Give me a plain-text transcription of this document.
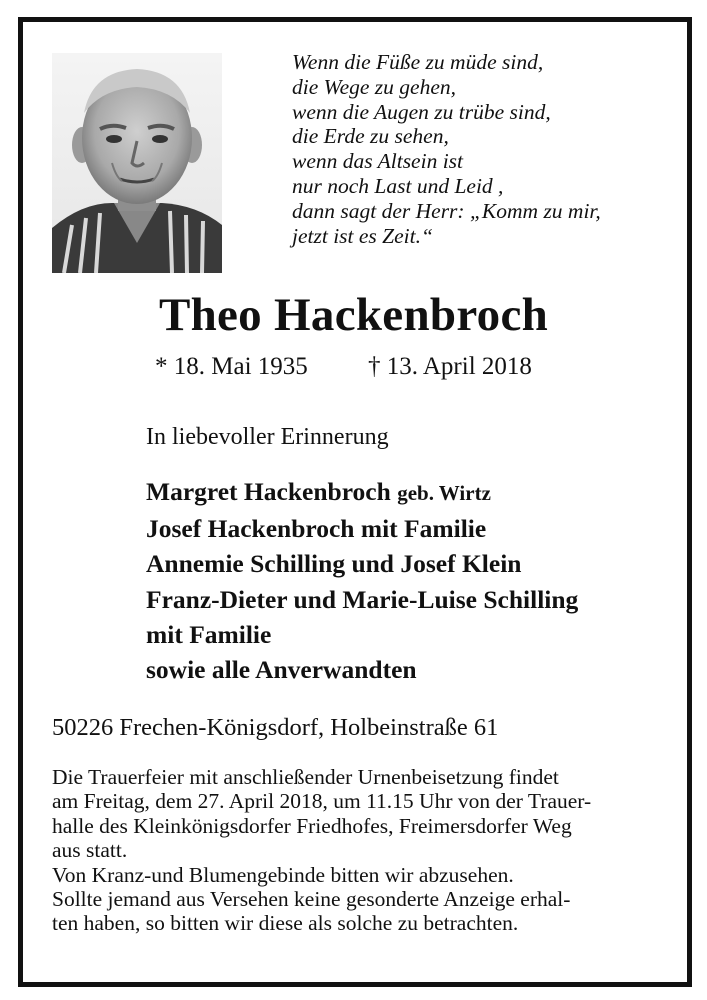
Wenn die Füße zu müde sind,
die Wege zu gehen,
wenn die Augen zu trübe sind,
die Erde zu sehen,
wenn das Altsein ist
nur noch Last und Leid ,
dann sagt der Herr: „Komm zu mir,
jetzt ist es Zeit.“
Theo Hackenbroch
* 18. Mai 1935 † 13. April 2018
In liebevoller Erinnerung
Margret Hackenbroch geb. Wirtz
Josef Hackenbroch mit Familie
Annemie Schilling und Josef Klein
Franz-Dieter und Marie-Luise Schilling
mit Familie
sowie alle Anverwandten
50226 Frechen-Königsdorf, Holbeinstraße 61
Die Trauerfeier mit anschließender Urnenbeisetzung findet
am Freitag, dem 27. April 2018, um 11.15 Uhr von der Trauer-
halle des Kleinkönigsdorfer Friedhofes, Freimersdorfer Weg
aus statt.
Von Kranz-und Blumengebinde bitten wir abzusehen.
Sollte jemand aus Versehen keine gesonderte Anzeige erhal-
ten haben, so bitten wir diese als solche zu betrachten.
